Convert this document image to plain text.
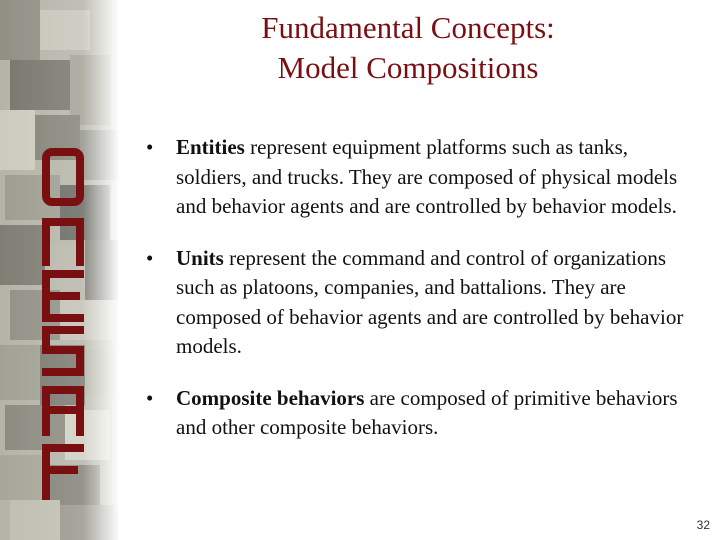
Fundamental Concepts:
Model Compositions
• Entities represent equipment platforms such as tanks, soldiers, and trucks. They are composed of physical models and behavior agents and are controlled by behavior models.
• Units represent the command and control of organizations such as platoons, companies, and battalions. They are composed of behavior agents and are controlled by behavior models.
• Composite behaviors are composed of primitive behaviors and other composite behaviors.
32
